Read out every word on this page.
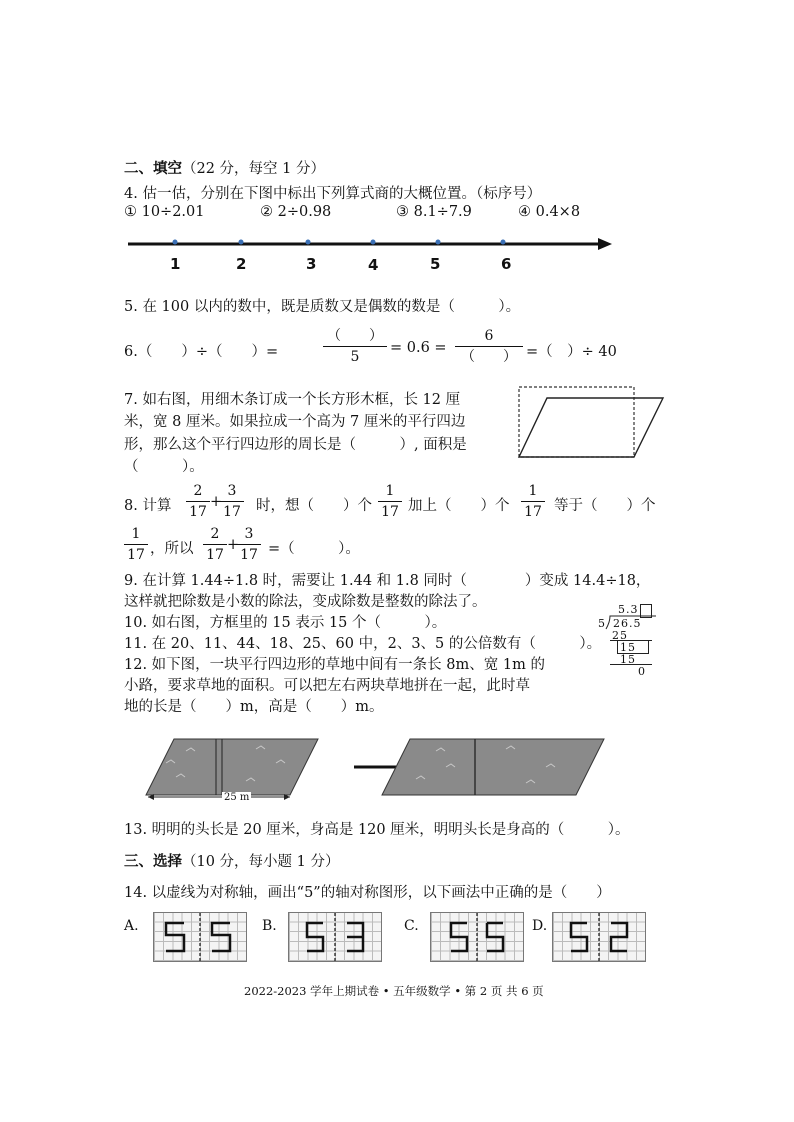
二、填空（22 分，每空 1 分）
4. 估一估，分别在下图中标出下列算式商的大概位置。（标序号）
① 10÷2.01	② 2÷0.98	③ 8.1÷7.9	④ 0.4×8
1	2	3	4	5	6
5. 在 100 以内的数中，既是质数又是偶数的数是（　　　）。
6.（　　）÷（　　）=
（　　）
5
= 0.6 =
6
（　　） =（　）÷ 40
7. 如右图，用细木条订成一个长方形木框，长 12 厘
米，宽 8 厘米。如果拉成一个高为 7 厘米的平行四边
形，那么这个平行四边形的周长是（　　　）, 面积是
（　　　）。
8. 计算
2
17
+
3
17 时，想（　　）个
1
17 加上（　　）个
1
17 等于（　　）个
1
17 ，所以
2
17
+
3
17 =（　　　）。
9. 在计算 1.44÷1.8 时，需要让 1.44 和 1.8 同时（　　　　）变成 14.4÷18，
这样就把除数是小数的除法，变成除数是整数的除法了。
10. 如右图，方框里的 15 表示 15 个（　　　）。
11. 在 20、11、44、18、25、60 中，2、3、5 的公倍数有（　　　）。
5.3
5 26.5
25
15
15
0
12. 如下图，一块平行四边形的草地中间有一条长 8m、宽 1m 的
小路，要求草地的面积。可以把左右两块草地拼在一起，此时草
地的长是（　　）m，高是（　　）m。
25 m
13. 明明的头长是 20 厘米，身高是 120 厘米，明明头长是身高的（　　　）。
三、选择（10 分，每小题 1 分）
14. 以虚线为对称轴，画出“5”的轴对称图形，以下画法中正确的是（　　）
A.	B.	C.	D.
2022-2023 学年上期试卷 • 五年级数学 • 第 2 页 共 6 页
